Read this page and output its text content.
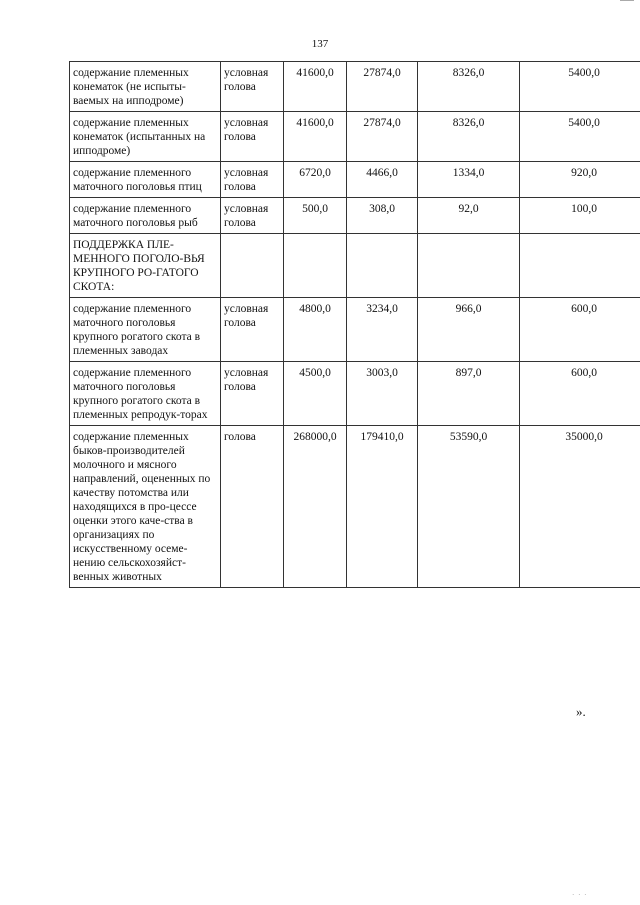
137
содержание племенных конематок (не испыты-ваемых на ипподроме)	условная голова	41600,0	27874,0	8326,0	5400,0
содержание племенных конематок (испытанных на ипподроме)	условная голова	41600,0	27874,0	8326,0	5400,0
содержание племенного маточного поголовья птиц	условная голова	6720,0	4466,0	1334,0	920,0
содержание племенного маточного поголовья рыб	условная голова	500,0	308,0	92,0	100,0
ПОДДЕРЖКА ПЛЕ-МЕННОГО ПОГОЛО-ВЬЯ КРУПНОГО РО-ГАТОГО СКОТА:					
содержание племенного маточного поголовья крупного рогатого скота в племенных заводах	условная голова	4800,0	3234,0	966,0	600,0
содержание племенного маточного поголовья крупного рогатого скота в племенных репродук-торах	условная голова	4500,0	3003,0	897,0	600,0
содержание племенных быков-производителей молочного и мясного направлений, оцененных по качеству потомства или находящихся в про-цессе оценки этого каче-ства в организациях по искусственному осеме-нению сельскохозяйст-венных животных	голова	268000,0	179410,0	53590,0	35000,0
».
· · ·
